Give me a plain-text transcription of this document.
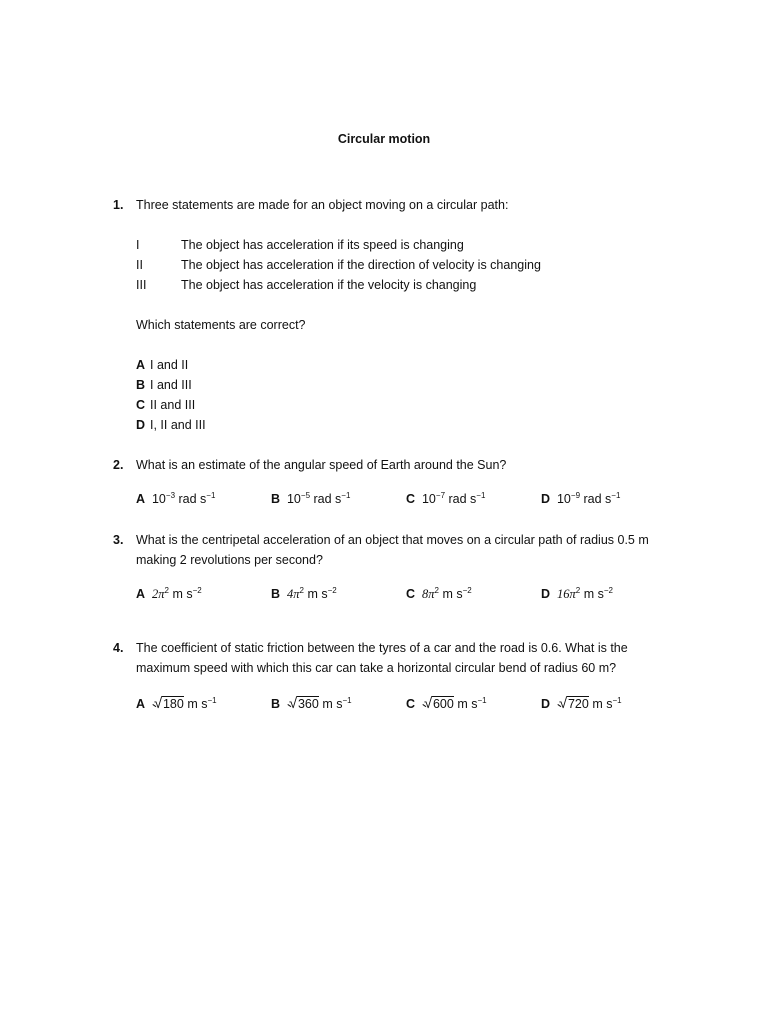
Circular motion
1. Three statements are made for an object moving on a circular path:
I	The object has acceleration if its speed is changing
II	The object has acceleration if the direction of velocity is changing
III	The object has acceleration if the velocity is changing
Which statements are correct?
A I and II
B I and III
C II and III
D I, II and III
2. What is an estimate of the angular speed of Earth around the Sun?
A $10^{-3}$ rad $s^{-1}$	B $10^{-5}$ rad $s^{-1}$	C $10^{-7}$ rad $s^{-1}$	D $10^{-9}$ rad $s^{-1}$
3. What is the centripetal acceleration of an object that moves on a circular path of radius 0.5 m
making 2 revolutions per second?
A $2\pi^2$ m $s^{-2}$	B $4\pi^2$ m $s^{-2}$	C $8\pi^2$ m $s^{-2}$	D $16\pi^2$ m $s^{-2}$
4. The coefficient of static friction between the tyres of a car and the road is 0.6. What is the
maximum speed with which this car can take a horizontal circular bend of radius 60 m?
A √ 180 m $s^{-1}$	B √ 360 m $s^{-1}$	C √ 600 m $s^{-1}$	D √ 720 m $s^{-1}$
